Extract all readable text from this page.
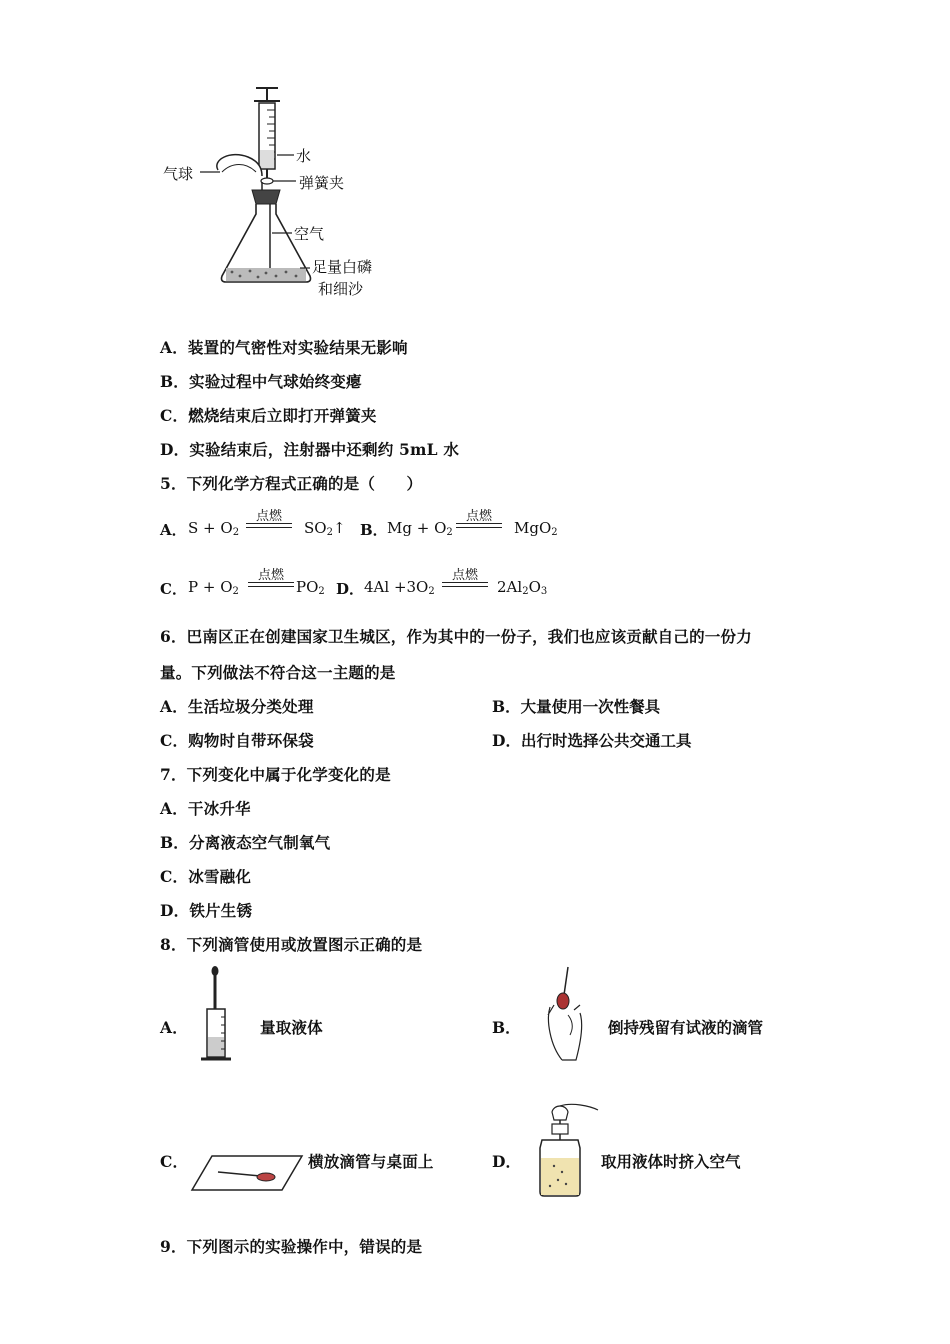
水
气球	弹簧夹
空气
足量白磷
和细沙
A．装置的气密性对实验结果无影响
B．实验过程中气球始终变瘪
C．燃烧结束后立即打开弹簧夹
D．实验结束后，注射器中还剩约 5mL 水
5．下列化学方程式正确的是（　　）
A． $S + O_2$
点燃
$SO_2↑$ B． $Mg + O_2$
点燃
MgO$_2$
C． $P + O_2$
点燃
$PO_2$ D． $4Al +3O_2$
点燃
$2Al_2O_3$
6．巴南区正在创建国家卫生城区，作为其中的一份子，我们也应该贡献自己的一份力
量。下列做法不符合这一主题的是
A．生活垃圾分类处理	B．大量使用一次性餐具
C．购物时自带环保袋	D．出行时选择公共交通工具
7．下列变化中属于化学变化的是
A．干冰升华
B．分离液态空气制氧气
C．冰雪融化
D．铁片生锈
8．下列滴管使用或放置图示正确的是
A．	量取液体	B．	倒持残留有试液的滴管
C．	横放滴管与桌面上	D．	取用液体时挤入空气
9．下列图示的实验操作中，错误的是
